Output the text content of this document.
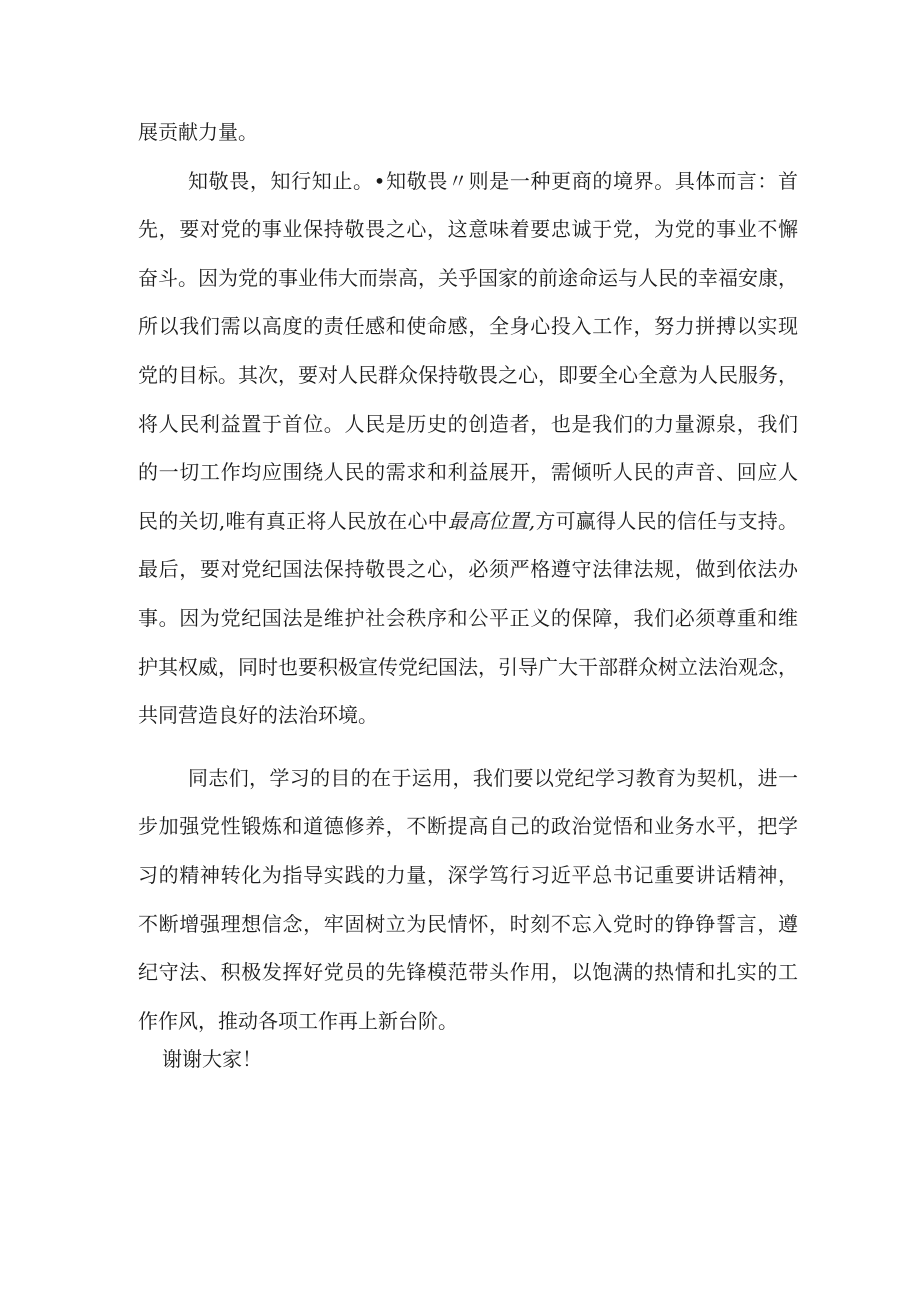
展贡献力量。
知敬畏，知行知止。•知敬畏〃则是一种更商的境界。具体而言：首
先，要对党的事业保持敬畏之心，这意味着要忠诚于党，为党的事业不懈
奋斗。因为党的事业伟大而崇高，关乎国家的前途命运与人民的幸福安康，
所以我们需以高度的责任感和使命感，全身心投入工作，努力拼搏以实现
党的目标。其次，要对人民群众保持敬畏之心，即要全心全意为人民服务，
将人民利益置于首位。人民是历史的创造者，也是我们的力量源泉，我们
的一切工作均应围绕人民的需求和利益展开，需倾听人民的声音、回应人
民的关切,唯有真正将人民放在心中最高位置,方可赢得人民的信任与支持。
最后，要对党纪国法保持敬畏之心，必须严格遵守法律法规，做到依法办
事。因为党纪国法是维护社会秩序和公平正义的保障，我们必须尊重和维
护其权威，同时也要积极宣传党纪国法，引导广大干部群众树立法治观念，
共同营造良好的法治环境。
同志们，学习的目的在于运用，我们要以党纪学习教育为契机，进一
步加强党性锻炼和道德修养，不断提高自己的政治觉悟和业务水平，把学
习的精神转化为指导实践的力量，深学笃行习近平总书记重要讲话精神，
不断增强理想信念，牢固树立为民情怀，时刻不忘入党时的铮铮誓言，遵
纪守法、积极发挥好党员的先锋模范带头作用，以饱满的热情和扎实的工
作作风，推动各项工作再上新台阶。
谢谢大家！
